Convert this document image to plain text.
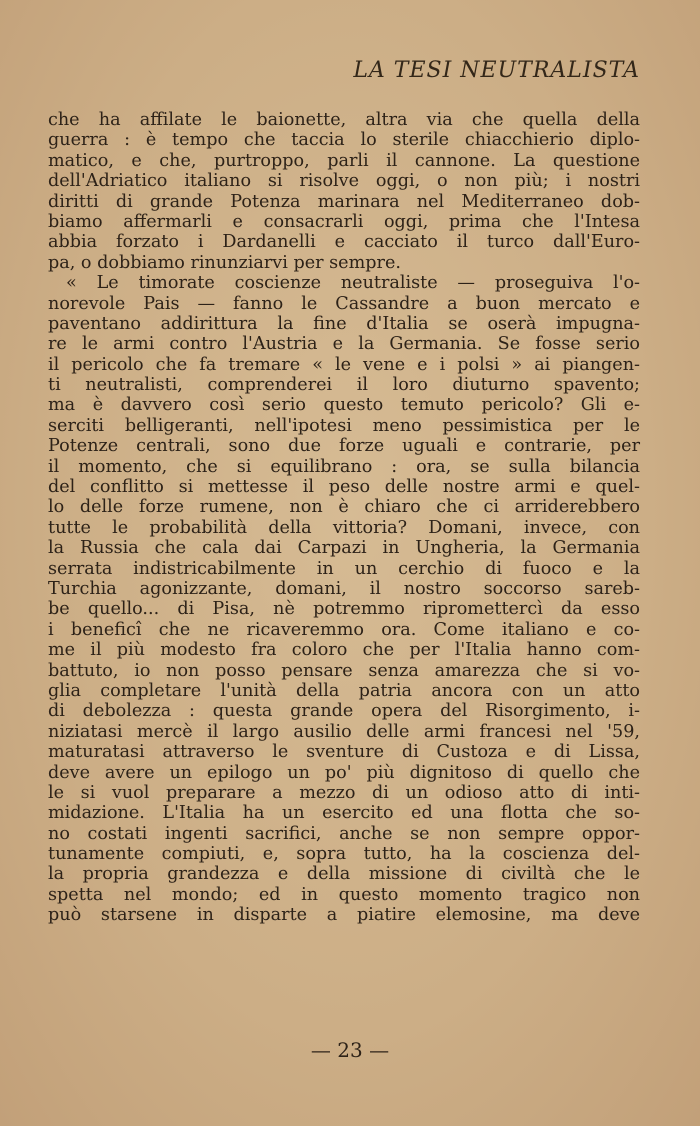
LA TESI NEUTRALISTA
che ha affilate le baionette, altra via che quella della
guerra : è tempo che taccia lo sterile chiacchierio diplo-
matico, e che, purtroppo, parli il cannone. La questione
dell'Adriatico italiano si risolve oggi, o non più; i nostri
diritti di grande Potenza marinara nel Mediterraneo dob-
biamo affermarli e consacrarli oggi, prima che l'Intesa
abbia forzato i Dardanelli e cacciato il turco dall'Euro-
pa, o dobbiamo rinunziarvi per sempre.
« Le timorate coscienze neutraliste — proseguiva l'o-
norevole Pais — fanno le Cassandre a buon mercato e
paventano addirittura la fine d'Italia se oserà impugna-
re le armi contro l'Austria e la Germania. Se fosse serio
il pericolo che fa tremare « le vene e i polsi » ai piangen-
ti neutralisti, comprenderei il loro diuturno spavento;
ma è davvero così serio questo temuto pericolo? Gli e-
serciti belligeranti, nell'ipotesi meno pessimistica per le
Potenze centrali, sono due forze uguali e contrarie, per
il momento, che si equilibrano : ora, se sulla bilancia
del conflitto si mettesse il peso delle nostre armi e quel-
lo delle forze rumene, non è chiaro che ci arriderebbero
tutte le probabilità della vittoria? Domani, invece, con
la Russia che cala dai Carpazi in Ungheria, la Germania
serrata indistricabilmente in un cerchio di fuoco e la
Turchia agonizzante, domani, il nostro soccorso sareb-
be quello... di Pisa, nè potremmo ripromettercì da esso
i beneficî che ne ricaveremmo ora. Come italiano e co-
me il più modesto fra coloro che per l'Italia hanno com-
battuto, io non posso pensare senza amarezza che si vo-
glia completare l'unità della patria ancora con un atto
di debolezza : questa grande opera del Risorgimento, i-
niziatasi mercè il largo ausilio delle armi francesi nel '59,
maturatasi attraverso le sventure di Custoza e di Lissa,
deve avere un epilogo un po' più dignitoso di quello che
le si vuol preparare a mezzo di un odioso atto di inti-
midazione. L'Italia ha un esercito ed una flotta che so-
no costati ingenti sacrifici, anche se non sempre oppor-
tunamente compiuti, e, sopra tutto, ha la coscienza del-
la propria grandezza e della missione di civiltà che le
spetta nel mondo; ed in questo momento tragico non
può starsene in disparte a piatire elemosine, ma deve
— 23 —
